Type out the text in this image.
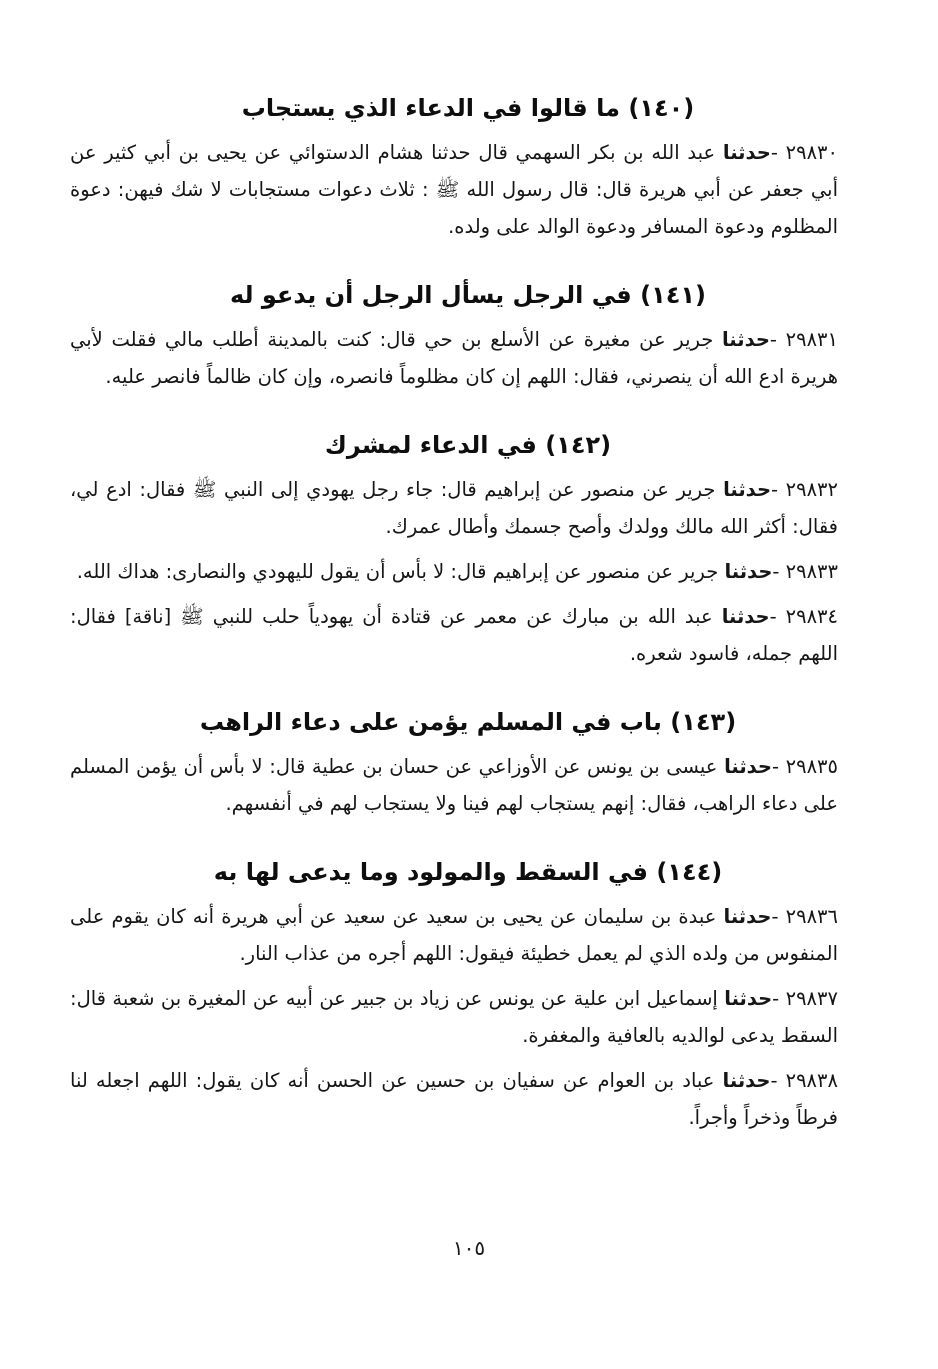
(١٤٠) ما قالوا في الدعاء الذي يستجاب

٢٩٨٣٠ -حدثنا عبد الله بن بكر السهمي قال حدثنا هشام الدستوائي عن يحيى بن أبي كثير عن أبي جعفر عن أبي هريرة قال: قال رسول الله ﷺ : ثلاث دعوات مستجابات لا شك فيهن: دعوة المظلوم ودعوة المسافر ودعوة الوالد على ولده.

(١٤١) في الرجل يسأل الرجل أن يدعو له

٢٩٨٣١ -حدثنا جرير عن مغيرة عن الأسلع بن حي قال: كنت بالمدينة أطلب مالي فقلت لأبي هريرة ادع الله أن ينصرني، فقال: اللهم إن كان مظلوماً فانصره، وإن كان ظالماً فانصر عليه.

(١٤٢) في الدعاء لمشرك

٢٩٨٣٢ -حدثنا جرير عن منصور عن إبراهيم قال: جاء رجل يهودي إلى النبي ﷺ فقال: ادع لي، فقال: أكثر الله مالك وولدك وأصح جسمك وأطال عمرك.

٢٩٨٣٣ -حدثنا جرير عن منصور عن إبراهيم قال: لا بأس أن يقول لليهودي والنصارى: هداك الله.

٢٩٨٣٤ -حدثنا عبد الله بن مبارك عن معمر عن قتادة أن يهودياً حلب للنبي ﷺ [ناقة] فقال: اللهم جمله، فاسود شعره.

(١٤٣) باب في المسلم يؤمن على دعاء الراهب

٢٩٨٣٥ -حدثنا عيسى بن يونس عن الأوزاعي عن حسان بن عطية قال: لا بأس أن يؤمن المسلم على دعاء الراهب، فقال: إنهم يستجاب لهم فينا ولا يستجاب لهم في أنفسهم.

(١٤٤) في السقط والمولود وما يدعى لها به

٢٩٨٣٦ -حدثنا عبدة بن سليمان عن يحيى بن سعيد عن سعيد عن أبي هريرة أنه كان يقوم على المنفوس من ولده الذي لم يعمل خطيئة فيقول: اللهم أجره من عذاب النار.

٢٩٨٣٧ -حدثنا إسماعيل ابن علية عن يونس عن زياد بن جبير عن أبيه عن المغيرة بن شعبة قال: السقط يدعى لوالديه بالعافية والمغفرة.

٢٩٨٣٨ -حدثنا عباد بن العوام عن سفيان بن حسين عن الحسن أنه كان يقول: اللهم اجعله لنا فرطاً وذخراً وأجراً.

١٠٥
